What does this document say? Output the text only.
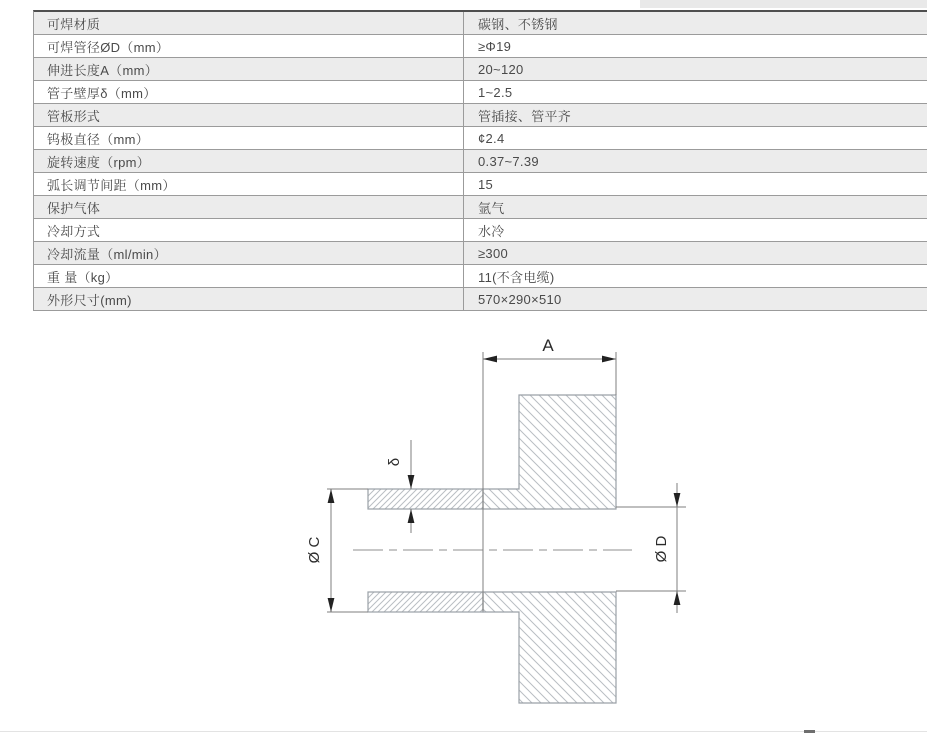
可焊材质	碳钢、不锈钢
可焊管径ØD（mm）	≥Φ19
伸进长度A（mm）	20~120
管子壁厚δ（mm）	1~2.5
管板形式	管插接、管平齐
钨极直径（mm）	¢2.4
旋转速度（rpm）	0.37~7.39
弧长调节间距（mm）	15
保护气体	氩气
冷却方式	水冷
冷却流量（ml/min）	≥300
重 量（kg）	11(不含电缆)
外形尺寸(mm)	570×290×510
A
δ
Ø C	Ø D
